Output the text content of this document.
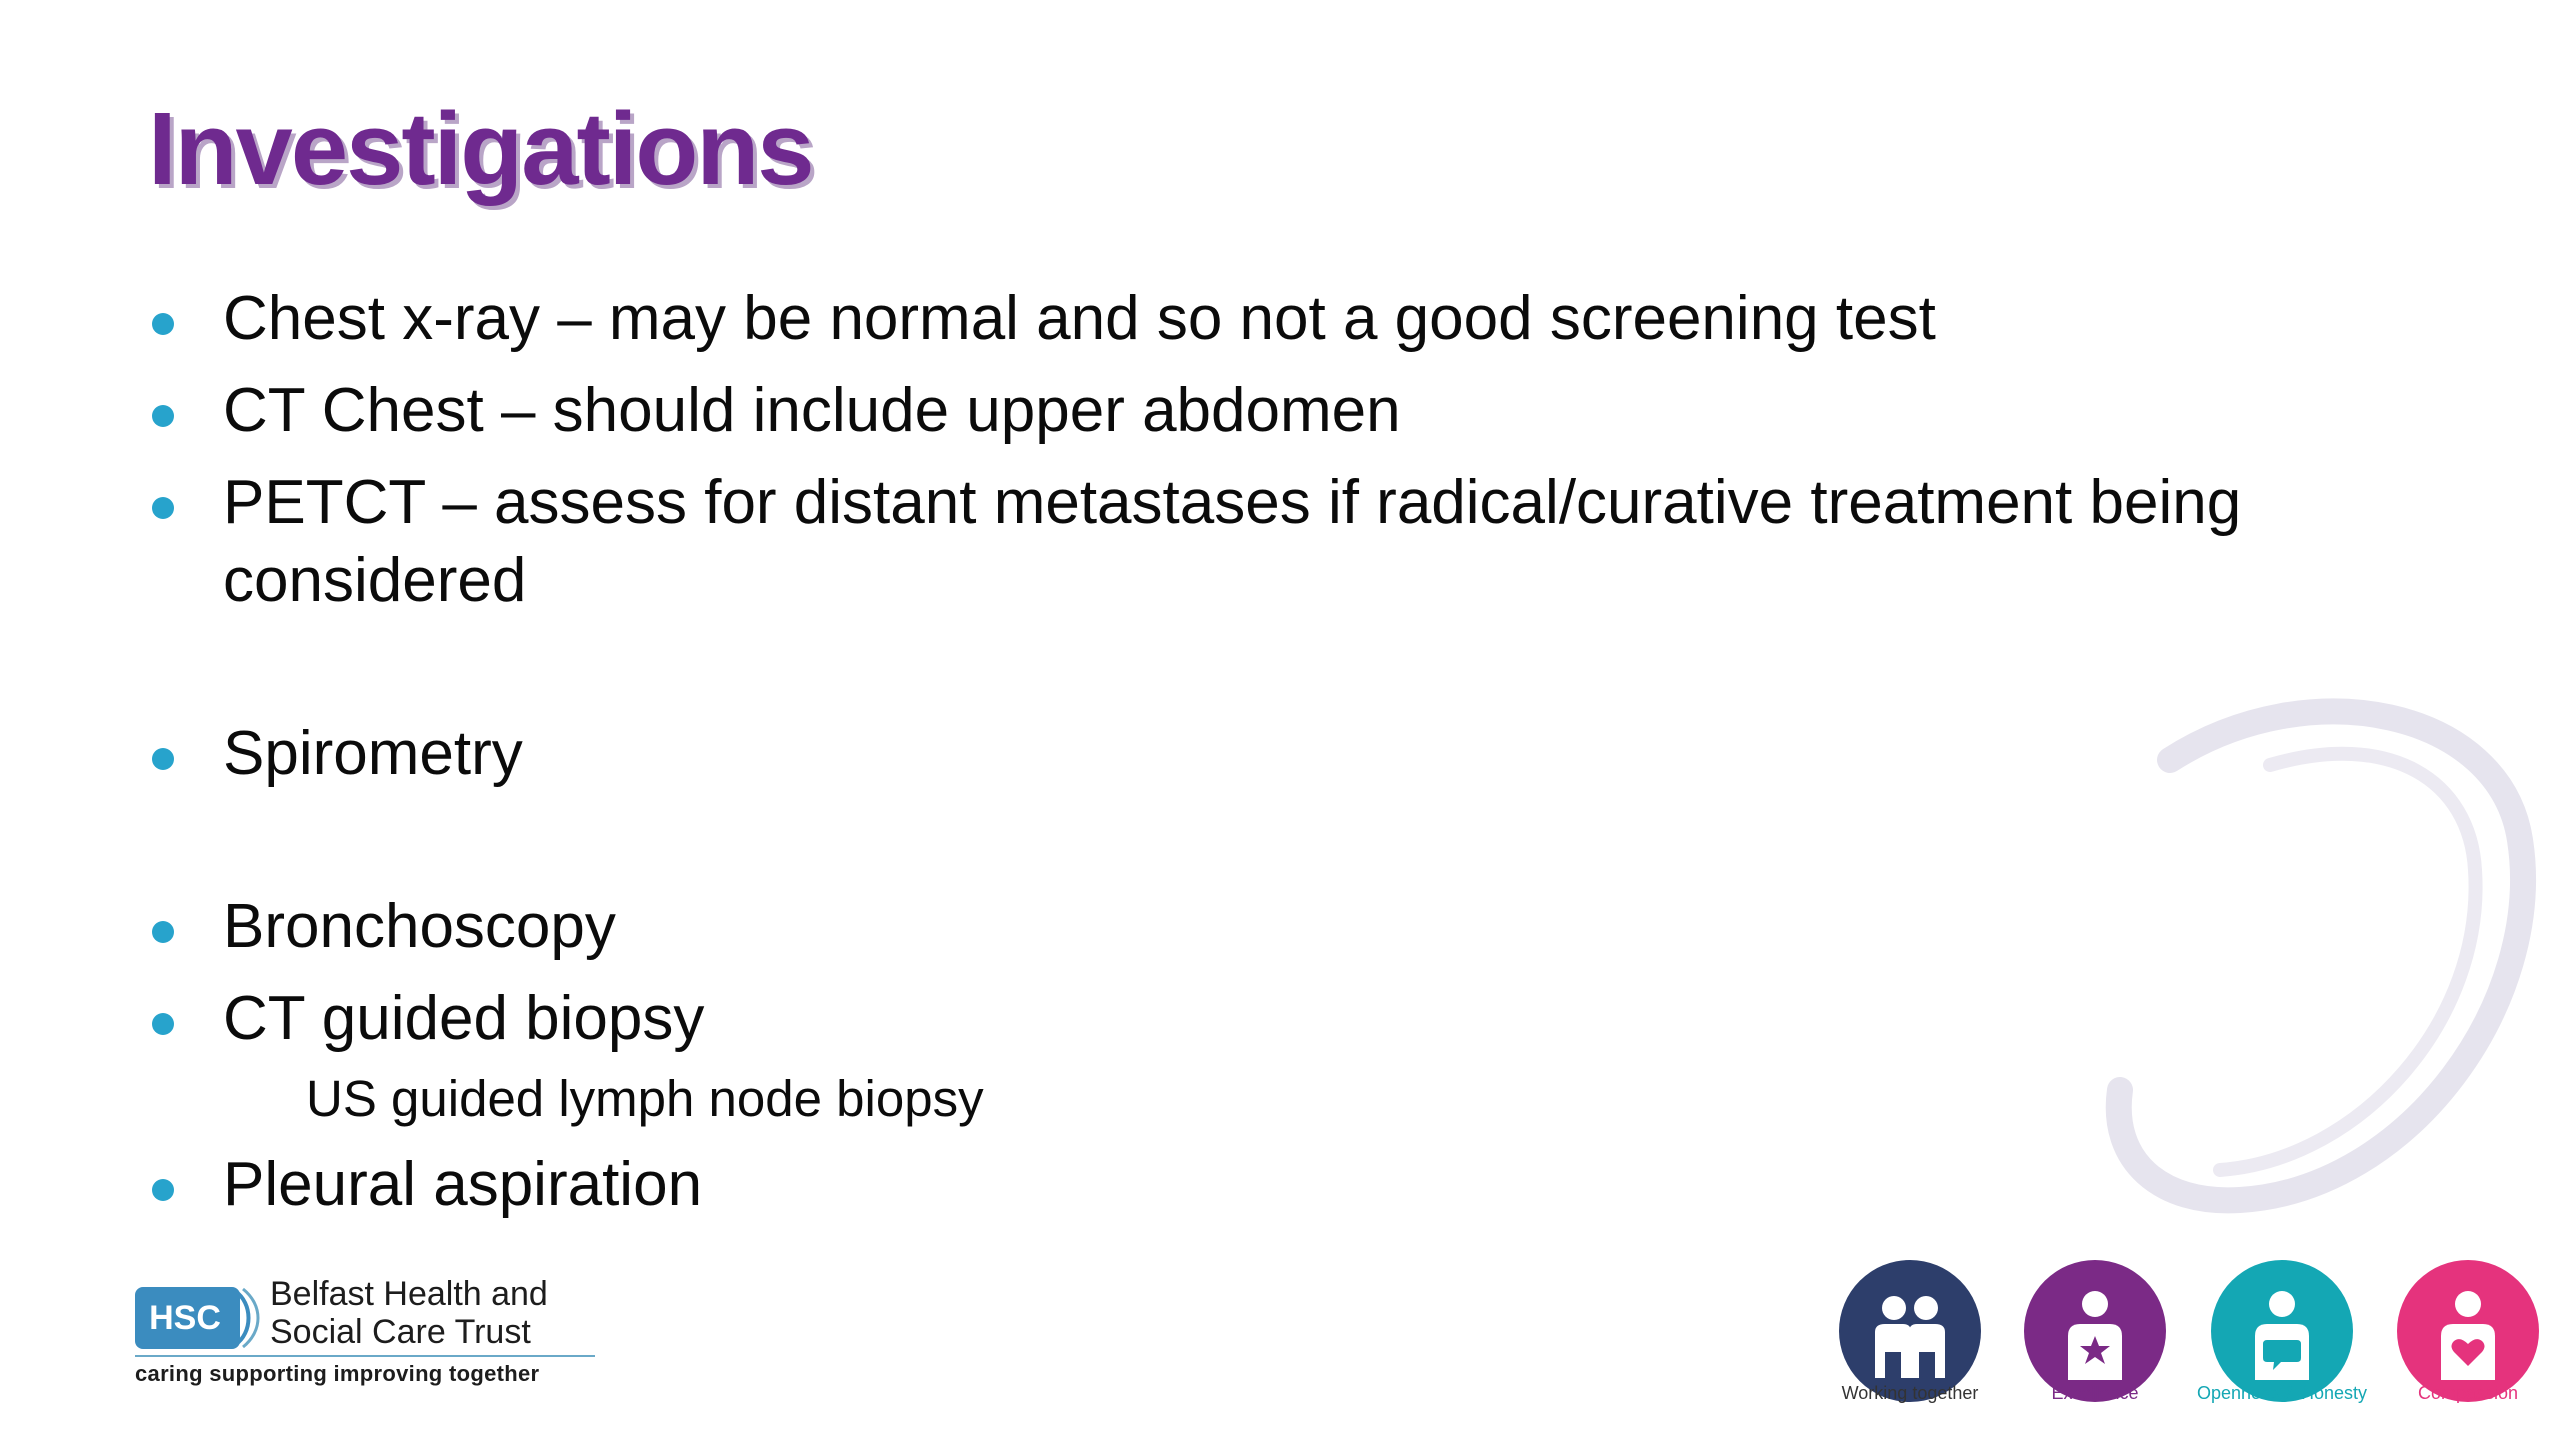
Investigations
Chest x-ray – may be normal and so not a good screening test
CT Chest – should include upper abdomen
PETCT – assess for distant metastases if radical/curative treatment being considered
Spirometry
Bronchoscopy
CT guided biopsy
US guided lymph node biopsy
Pleural aspiration
HSC
Belfast Health and
Social Care Trust
caring supporting improving together
Working together	Excellence	Openness & Honesty	Compassion
